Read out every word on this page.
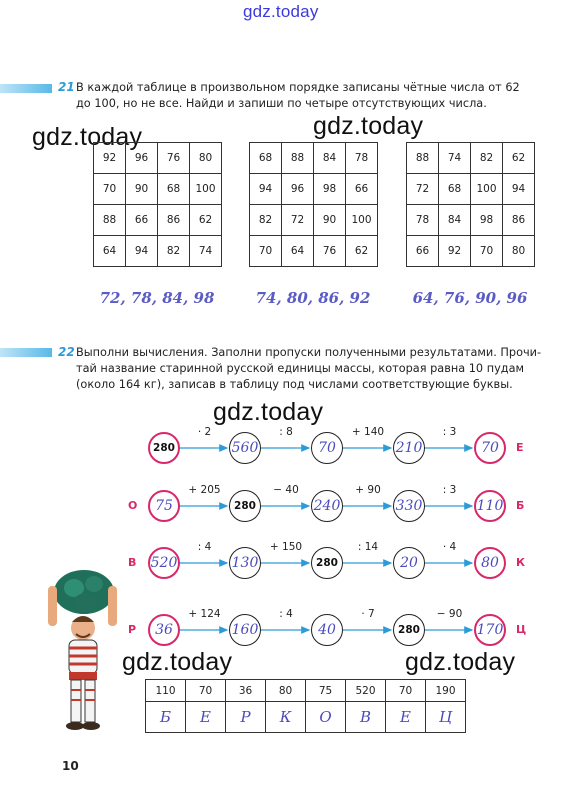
gdz.today
gdz.today	gdz.today
gdz.today
gdz.today	gdz.today
21 В каждой таблице в произвольном порядке записаны чётные числа от 62
до 100, но не все. Найди и запиши по четыре отсутствующих числа.
92	96	76	80
70	90	68	100
88	66	86	62
64	94	82	74
68	88	84	78
94	96	98	66
82	72	90	100
70	64	76	62
88	74	82	62
72	68	100	94
78	84	98	86
66	92	70	80
72, 78, 84, 98	74, 80, 86, 92	64, 76, 90, 96
22 Выполни вычисления. Заполни пропуски полученными результатами. Прочи-
тай название старинной русской единицы массы, которая равна 10 пудам
(около 164 кг), записав в таблицу под числами соответствующие буквы.
· 2	: 8	+ 140	: 3
280	560	70	210	70	Е
+ 205	− 40	+ 90	: 3
75	280	240	330	110
О	Б
: 4	+ 150	: 14	· 4
520	130	280	20	80
В	К
+ 124	: 4	· 7	− 90
36	160	40	280	170
Р	Ц
110	70	36	80	75	520	70	190
Б	Е	Р	К	О	В	Е	Ц
10
